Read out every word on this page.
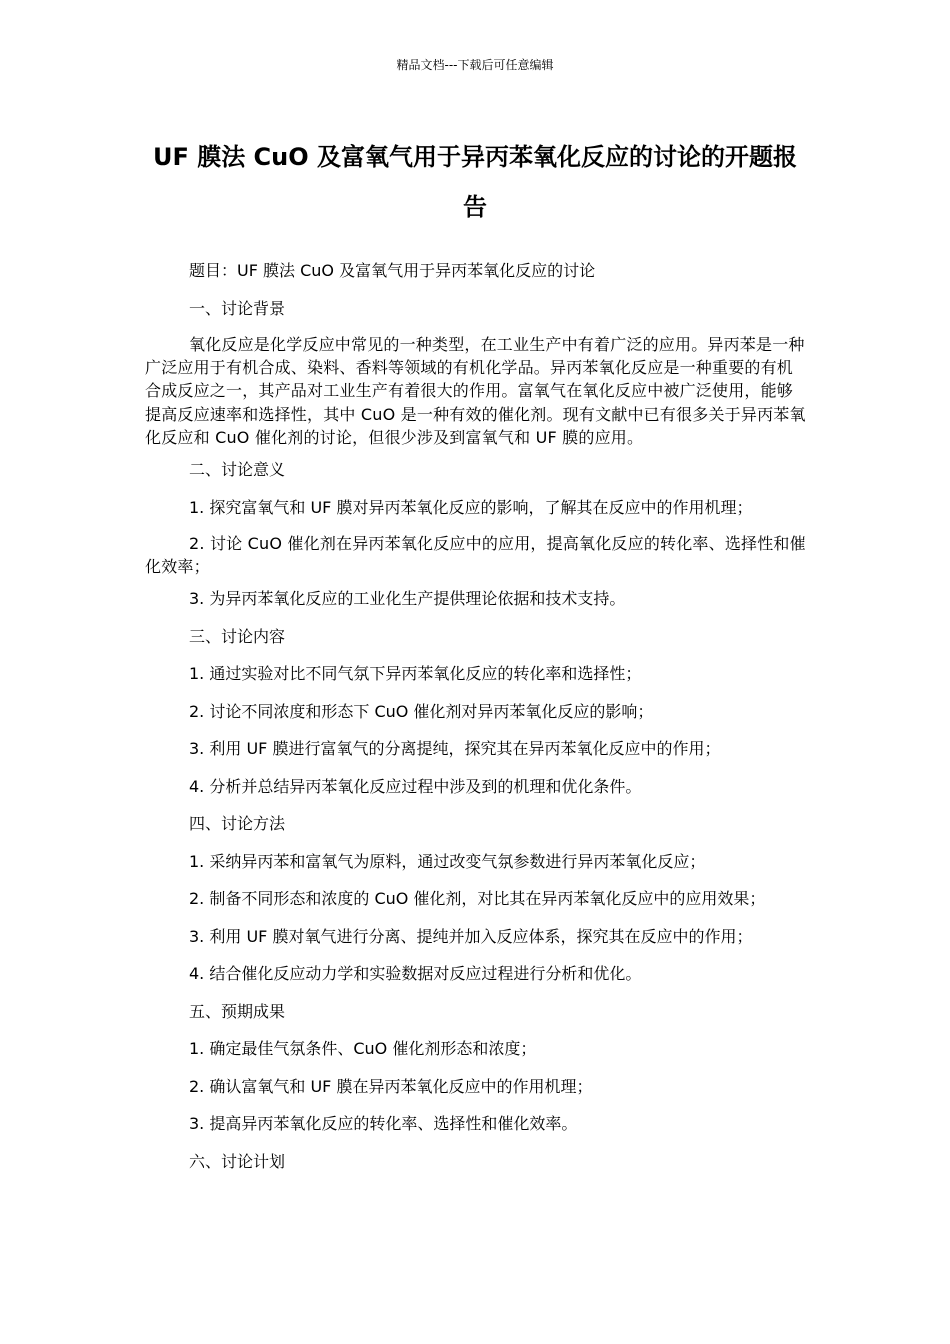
精品文档---下载后可任意编辑
UF 膜法 CuO 及富氧气用于异丙苯氧化反应的讨论的开题报告

题目：UF 膜法 CuO 及富氧气用于异丙苯氧化反应的讨论

一、讨论背景

氧化反应是化学反应中常见的一种类型，在工业生产中有着广泛的应用。异丙苯是一种广泛应用于有机合成、染料、香料等领域的有机化学品。异丙苯氧化反应是一种重要的有机合成反应之一，其产品对工业生产有着很大的作用。富氧气在氧化反应中被广泛使用，能够提高反应速率和选择性，其中 CuO 是一种有效的催化剂。现有文献中已有很多关于异丙苯氧化反应和 CuO 催化剂的讨论，但很少涉及到富氧气和 UF 膜的应用。

二、讨论意义

1. 探究富氧气和 UF 膜对异丙苯氧化反应的影响，了解其在反应中的作用机理；

2. 讨论 CuO 催化剂在异丙苯氧化反应中的应用，提高氧化反应的转化率、选择性和催化效率；

3. 为异丙苯氧化反应的工业化生产提供理论依据和技术支持。

三、讨论内容

1. 通过实验对比不同气氛下异丙苯氧化反应的转化率和选择性；

2. 讨论不同浓度和形态下 CuO 催化剂对异丙苯氧化反应的影响；

3. 利用 UF 膜进行富氧气的分离提纯，探究其在异丙苯氧化反应中的作用；

4. 分析并总结异丙苯氧化反应过程中涉及到的机理和优化条件。

四、讨论方法

1. 采纳异丙苯和富氧气为原料，通过改变气氛参数进行异丙苯氧化反应；

2. 制备不同形态和浓度的 CuO 催化剂，对比其在异丙苯氧化反应中的应用效果；

3. 利用 UF 膜对氧气进行分离、提纯并加入反应体系，探究其在反应中的作用；

4. 结合催化反应动力学和实验数据对反应过程进行分析和优化。

五、预期成果

1. 确定最佳气氛条件、CuO 催化剂形态和浓度；

2. 确认富氧气和 UF 膜在异丙苯氧化反应中的作用机理；

3. 提高异丙苯氧化反应的转化率、选择性和催化效率。

六、讨论计划
